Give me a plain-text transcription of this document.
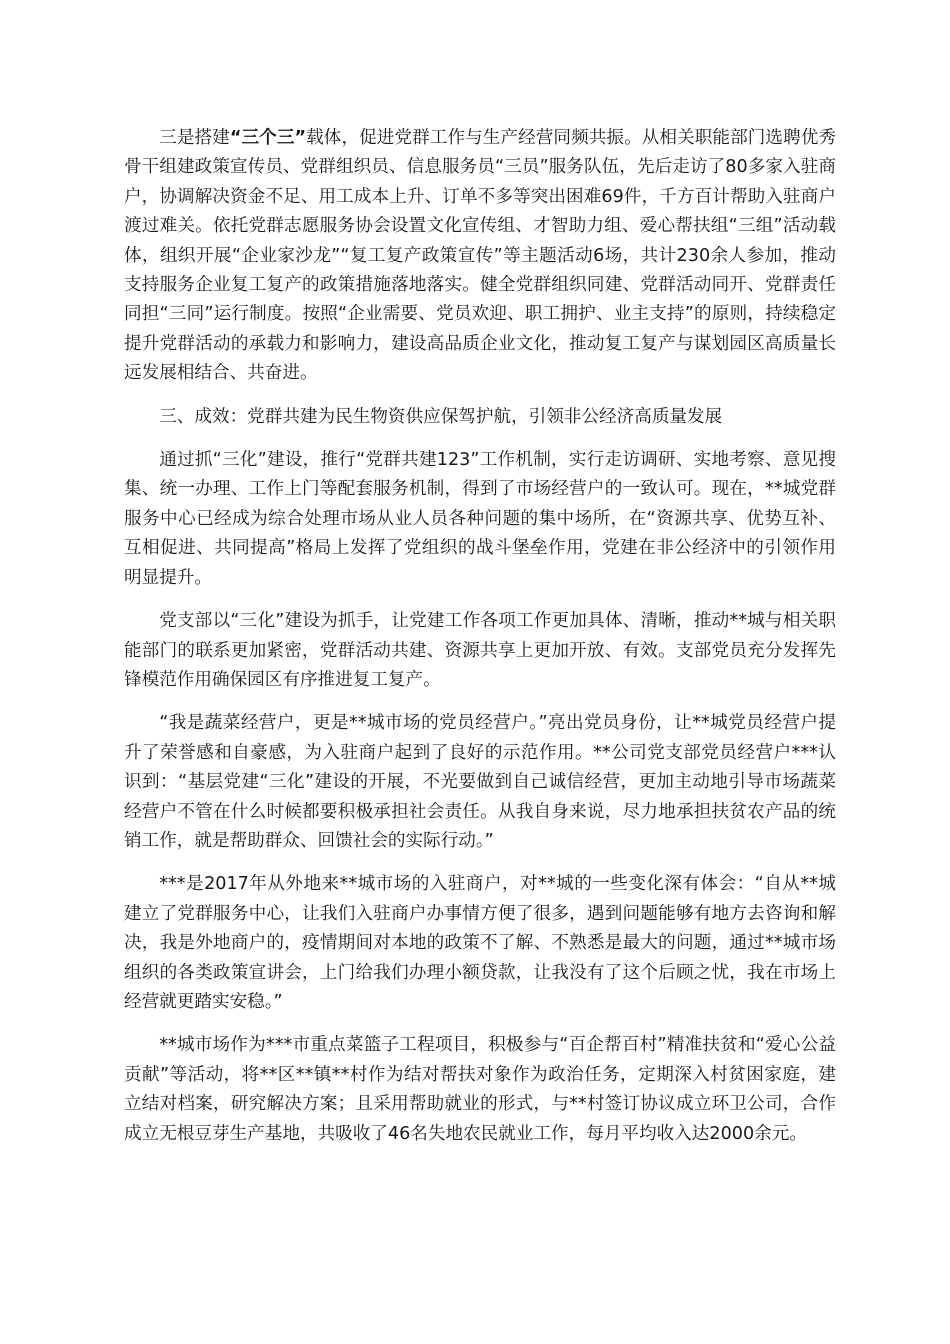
三是搭建“三个三”载体，促进党群工作与生产经营同频共振。从相关职能部门选聘优秀骨干组建政策宣传员、党群组织员、信息服务员“三员”服务队伍，先后走访了80多家入驻商户，协调解决资金不足、用工成本上升、订单不多等突出困难69件，千方百计帮助入驻商户渡过难关。依托党群志愿服务协会设置文化宣传组、才智助力组、爱心帮扶组“三组”活动载体，组织开展“企业家沙龙”“复工复产政策宣传”等主题活动6场，共计230余人参加，推动支持服务企业复工复产的政策措施落地落实。健全党群组织同建、党群活动同开、党群责任同担“三同”运行制度。按照“企业需要、党员欢迎、职工拥护、业主支持”的原则，持续稳定提升党群活动的承载力和影响力，建设高品质企业文化，推动复工复产与谋划园区高质量长远发展相结合、共奋进。

三、成效：党群共建为民生物资供应保驾护航，引领非公经济高质量发展

通过抓“三化”建设，推行“党群共建123”工作机制，实行走访调研、实地考察、意见搜集、统一办理、工作上门等配套服务机制，得到了市场经营户的一致认可。现在，**城党群服务中心已经成为综合处理市场从业人员各种问题的集中场所，在“资源共享、优势互补、互相促进、共同提高”格局上发挥了党组织的战斗堡垒作用，党建在非公经济中的引领作用明显提升。

党支部以“三化”建设为抓手，让党建工作各项工作更加具体、清晰，推动**城与相关职能部门的联系更加紧密，党群活动共建、资源共享上更加开放、有效。支部党员充分发挥先锋模范作用确保园区有序推进复工复产。

“我是蔬菜经营户，更是**城市场的党员经营户。”亮出党员身份，让**城党员经营户提升了荣誉感和自豪感，为入驻商户起到了良好的示范作用。**公司党支部党员经营户***认识到：“基层党建“三化”建设的开展，不光要做到自己诚信经营，更加主动地引导市场蔬菜经营户不管在什么时候都要积极承担社会责任。从我自身来说，尽力地承担扶贫农产品的统销工作，就是帮助群众、回馈社会的实际行动。”

***是2017年从外地来**城市场的入驻商户，对**城的一些变化深有体会：“自从**城建立了党群服务中心，让我们入驻商户办事情方便了很多，遇到问题能够有地方去咨询和解决，我是外地商户的，疫情期间对本地的政策不了解、不熟悉是最大的问题，通过**城市场组织的各类政策宣讲会，上门给我们办理小额贷款，让我没有了这个后顾之忧，我在市场上经营就更踏实安稳。”

**城市场作为***市重点菜篮子工程项目，积极参与“百企帮百村”精准扶贫和“爱心公益贡献”等活动，将**区**镇**村作为结对帮扶对象作为政治任务，定期深入村贫困家庭，建立结对档案，研究解决方案；且采用帮助就业的形式，与**村签订协议成立环卫公司，合作成立无根豆芽生产基地，共吸收了46名失地农民就业工作，每月平均收入达2000余元。
